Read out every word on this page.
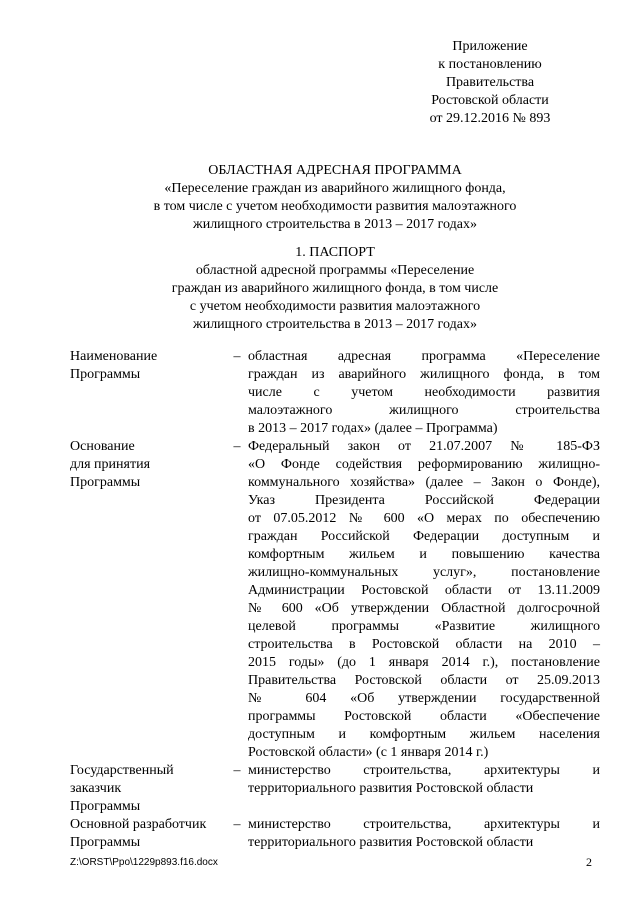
Приложение
к постановлению
Правительства
Ростовской области
от 29.12.2016 № 893
ОБЛАСТНАЯ АДРЕСНАЯ ПРОГРАММА
«Переселение граждан из аварийного жилищного фонда,
в том числе с учетом необходимости развития малоэтажного
жилищного строительства в 2013 – 2017 годах»
1. ПАСПОРТ
областной адресной программы «Переселение
граждан из аварийного жилищного фонда, в том числе
с учетом необходимости развития малоэтажного
жилищного строительства в 2013 – 2017 годах»
Наименование
Программы
– областная адресная программа «Переселение
граждан из аварийного жилищного фонда, в том
числе с учетом необходимости развития
малоэтажного жилищного строительства
в 2013 – 2017 годах» (далее – Программа)
Основание
для принятия
Программы
– Федеральный закон от 21.07.2007 № 185-ФЗ
«О Фонде содействия реформированию жилищно-
коммунального хозяйства» (далее – Закон о Фонде),
Указ Президента Российской Федерации
от 07.05.2012 № 600 «О мерах по обеспечению
граждан Российской Федерации доступным и
комфортным жильем и повышению качества
жилищно-коммунальных услуг», постановление
Администрации Ростовской области от 13.11.2009
№ 600 «Об утверждении Областной долгосрочной
целевой программы «Развитие жилищного
строительства в Ростовской области на 2010 –
2015 годы» (до 1 января 2014 г.), постановление
Правительства Ростовской области от 25.09.2013
№ 604 «Об утверждении государственной
программы Ростовской области «Обеспечение
доступным и комфортным жильем населения
Ростовской области» (с 1 января 2014 г.)
Государственный
заказчик
Программы
– министерство строительства, архитектуры и
территориального развития Ростовской области
Основной разработчик
Программы
– министерство строительства, архитектуры и
территориального развития Ростовской области
Z:\ORST\Ppo\1229p893.f16.docx	2
